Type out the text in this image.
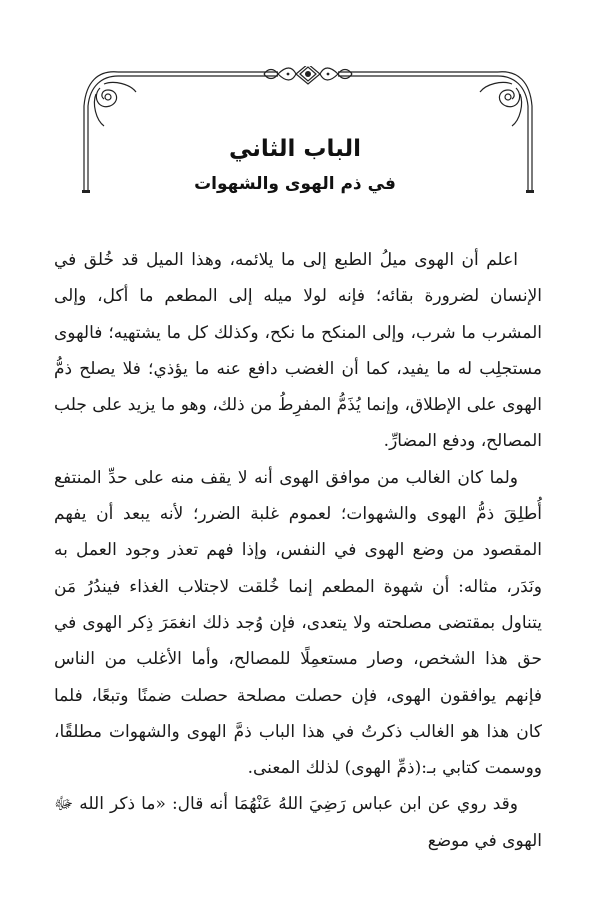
الباب الثاني
في ذم الهوى والشهوات

اعلم أن الهوى ميلُ الطبع إلى ما يلائمه، وهذا الميل قد خُلق في الإنسان لضرورة بقائه؛ فإنه لولا ميله إلى المطعم ما أكل، وإلى المشرب ما شرب، وإلى المنكح ما نكح، وكذلك كل ما يشتهيه؛ فالهوى مستجلِب له ما يفيد، كما أن الغضب دافع عنه ما يؤذي؛ فلا يصلح ذمُّ الهوى على الإطلاق، وإنما يُذَمُّ المفرِطُ من ذلك، وهو ما يزيد على جلب المصالح، ودفع المضارِّ.

ولما كان الغالب من موافق الهوى أنه لا يقف منه على حدِّ المنتفع أُطلِقَ ذمُّ الهوى والشهوات؛ لعموم غلبة الضرر؛ لأنه يبعد أن يفهم المقصود من وضع الهوى في النفس، وإذا فهم تعذر وجود العمل به ونَدَر، مثاله: أن شهوة المطعم إنما خُلقت لاجتلاب الغذاء فيندُرُ مَن يتناول بمقتضى مصلحته ولا يتعدى، فإن وُجد ذلك انغمَرَ ذِكر الهوى في حق هذا الشخص، وصار مستعمِلًا للمصالح، وأما الأغلب من الناس فإنهم يوافقون الهوى، فإن حصلت مصلحة حصلت ضمنًا وتبعًا، فلما كان هذا هو الغالب ذكرتُ في هذا الباب ذمَّ الهوى والشهوات مطلقًا، ووسمت كتابي بـ:(ذمِّ الهوى) لذلك المعنى.

وقد روي عن ابن عباس رَضِيَ اللهُ عَنْهُمَا أنه قال: «ما ذكر الله ﷻ الهوى في موضع
